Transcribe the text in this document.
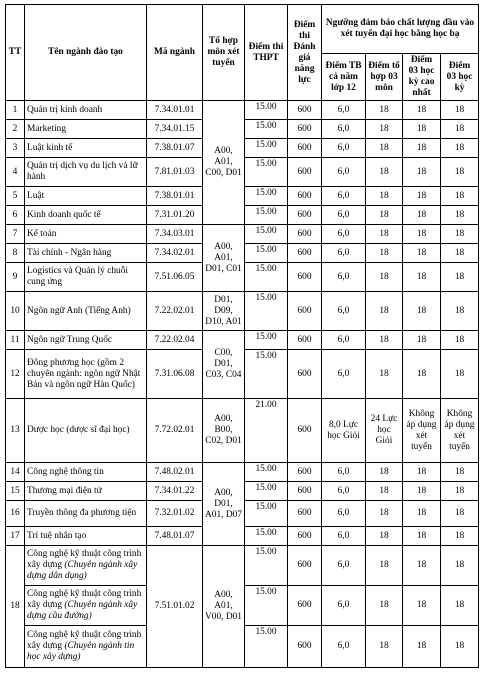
TT	Tên ngành đào tạo	Mã ngành	Tổ hợp môn xét tuyển	Điểm thi THPT	Điểm thi Đánh giá năng lực	Ngưỡng đảm bảo chất lượng đầu vào xét tuyển đại học bằng học bạ			
						Điểm TB cả năm lớp 12	Điểm tổ hợp 03 môn	Điểm 03 học kỳ cao nhất	Điểm 03 học kỳ
1	Quản trị kinh doanh	7.34.01.01	A00, A01, C00, D01	15.00	600	6,0	18	18	18
2	Marketing	7.34.01.15		15.00	600	6,0	18	18	18
3	Luật kinh tế	7.38.01.07		15.00	600	6,0	18	18	18
4	Quản trị dịch vụ du lịch và lữ hành	7.81.01.03		15.00	600	6,0	18	18	18
5	Luật	7.38.01.01		15.00	600	6,0	18	18	18
6	Kinh doanh quốc tế	7.31.01.20		15.00	600	6,0	18	18	18
7	Kế toán	7.34.03.01	A00, A01, D01, C01	15.00	600	6,0	18	18	18
8	Tài chính - Ngân hàng	7.34.02.01		15.00	600	6,0	18	18	18
9	Logistics và Quản lý chuỗi cung ứng	7.51.06.05		15.00	600	6,0	18	18	18
10	Ngôn ngữ Anh (Tiếng Anh)	7.22.02.01	D01, D09, D10, A01	15.00	600	6,0	18	18	18
11	Ngôn ngữ Trung Quốc	7.22.02.04	C00, D01, C03, C04	15.00	600	6,0	18	18	18
12	Đông phương học (gồm 2 chuyên ngành: ngôn ngữ Nhật Bản và ngôn ngữ Hàn Quốc)	7.31.06.08		15.00	600	6,0	18	18	18
13	Dược học (dược sĩ đại học)	7.72.02.01	A00, B00, C02, D01	21.00	600	8,0 Lực học Giỏi	24 Lực học Giỏi	Không áp dụng xét tuyển	Không áp dụng xét tuyển
14	Công nghệ thông tin	7.48.02.01	A00, D01, A01, D07	15.00	600	6,0	18	18	18
15	Thương mại điện tử	7.34.01.22		15.00	600	6,0	18	18	18
16	Truyền thông đa phương tiện	7.32.01.02		15.00	600	6,0	18	18	18
17	Trí tuệ nhân tạo	7.48.01.07		15.00	600	6,0	18	18	18
18	Công nghệ kỹ thuật công trình xây dựng (Chuyên ngành xây dựng dân dụng)	7.51.01.02	A00, A01, V00, D01	15.00	600	6,0	18	18	18
	Công nghệ kỹ thuật công trình xây dựng (Chuyên ngành xây dựng cầu đường)			15.00	600	6,0	18	18	18
	Công nghệ kỹ thuật công trình xây dựng (Chuyên ngành tin học xây dựng)			15.00	600	6,0	18	18	18
